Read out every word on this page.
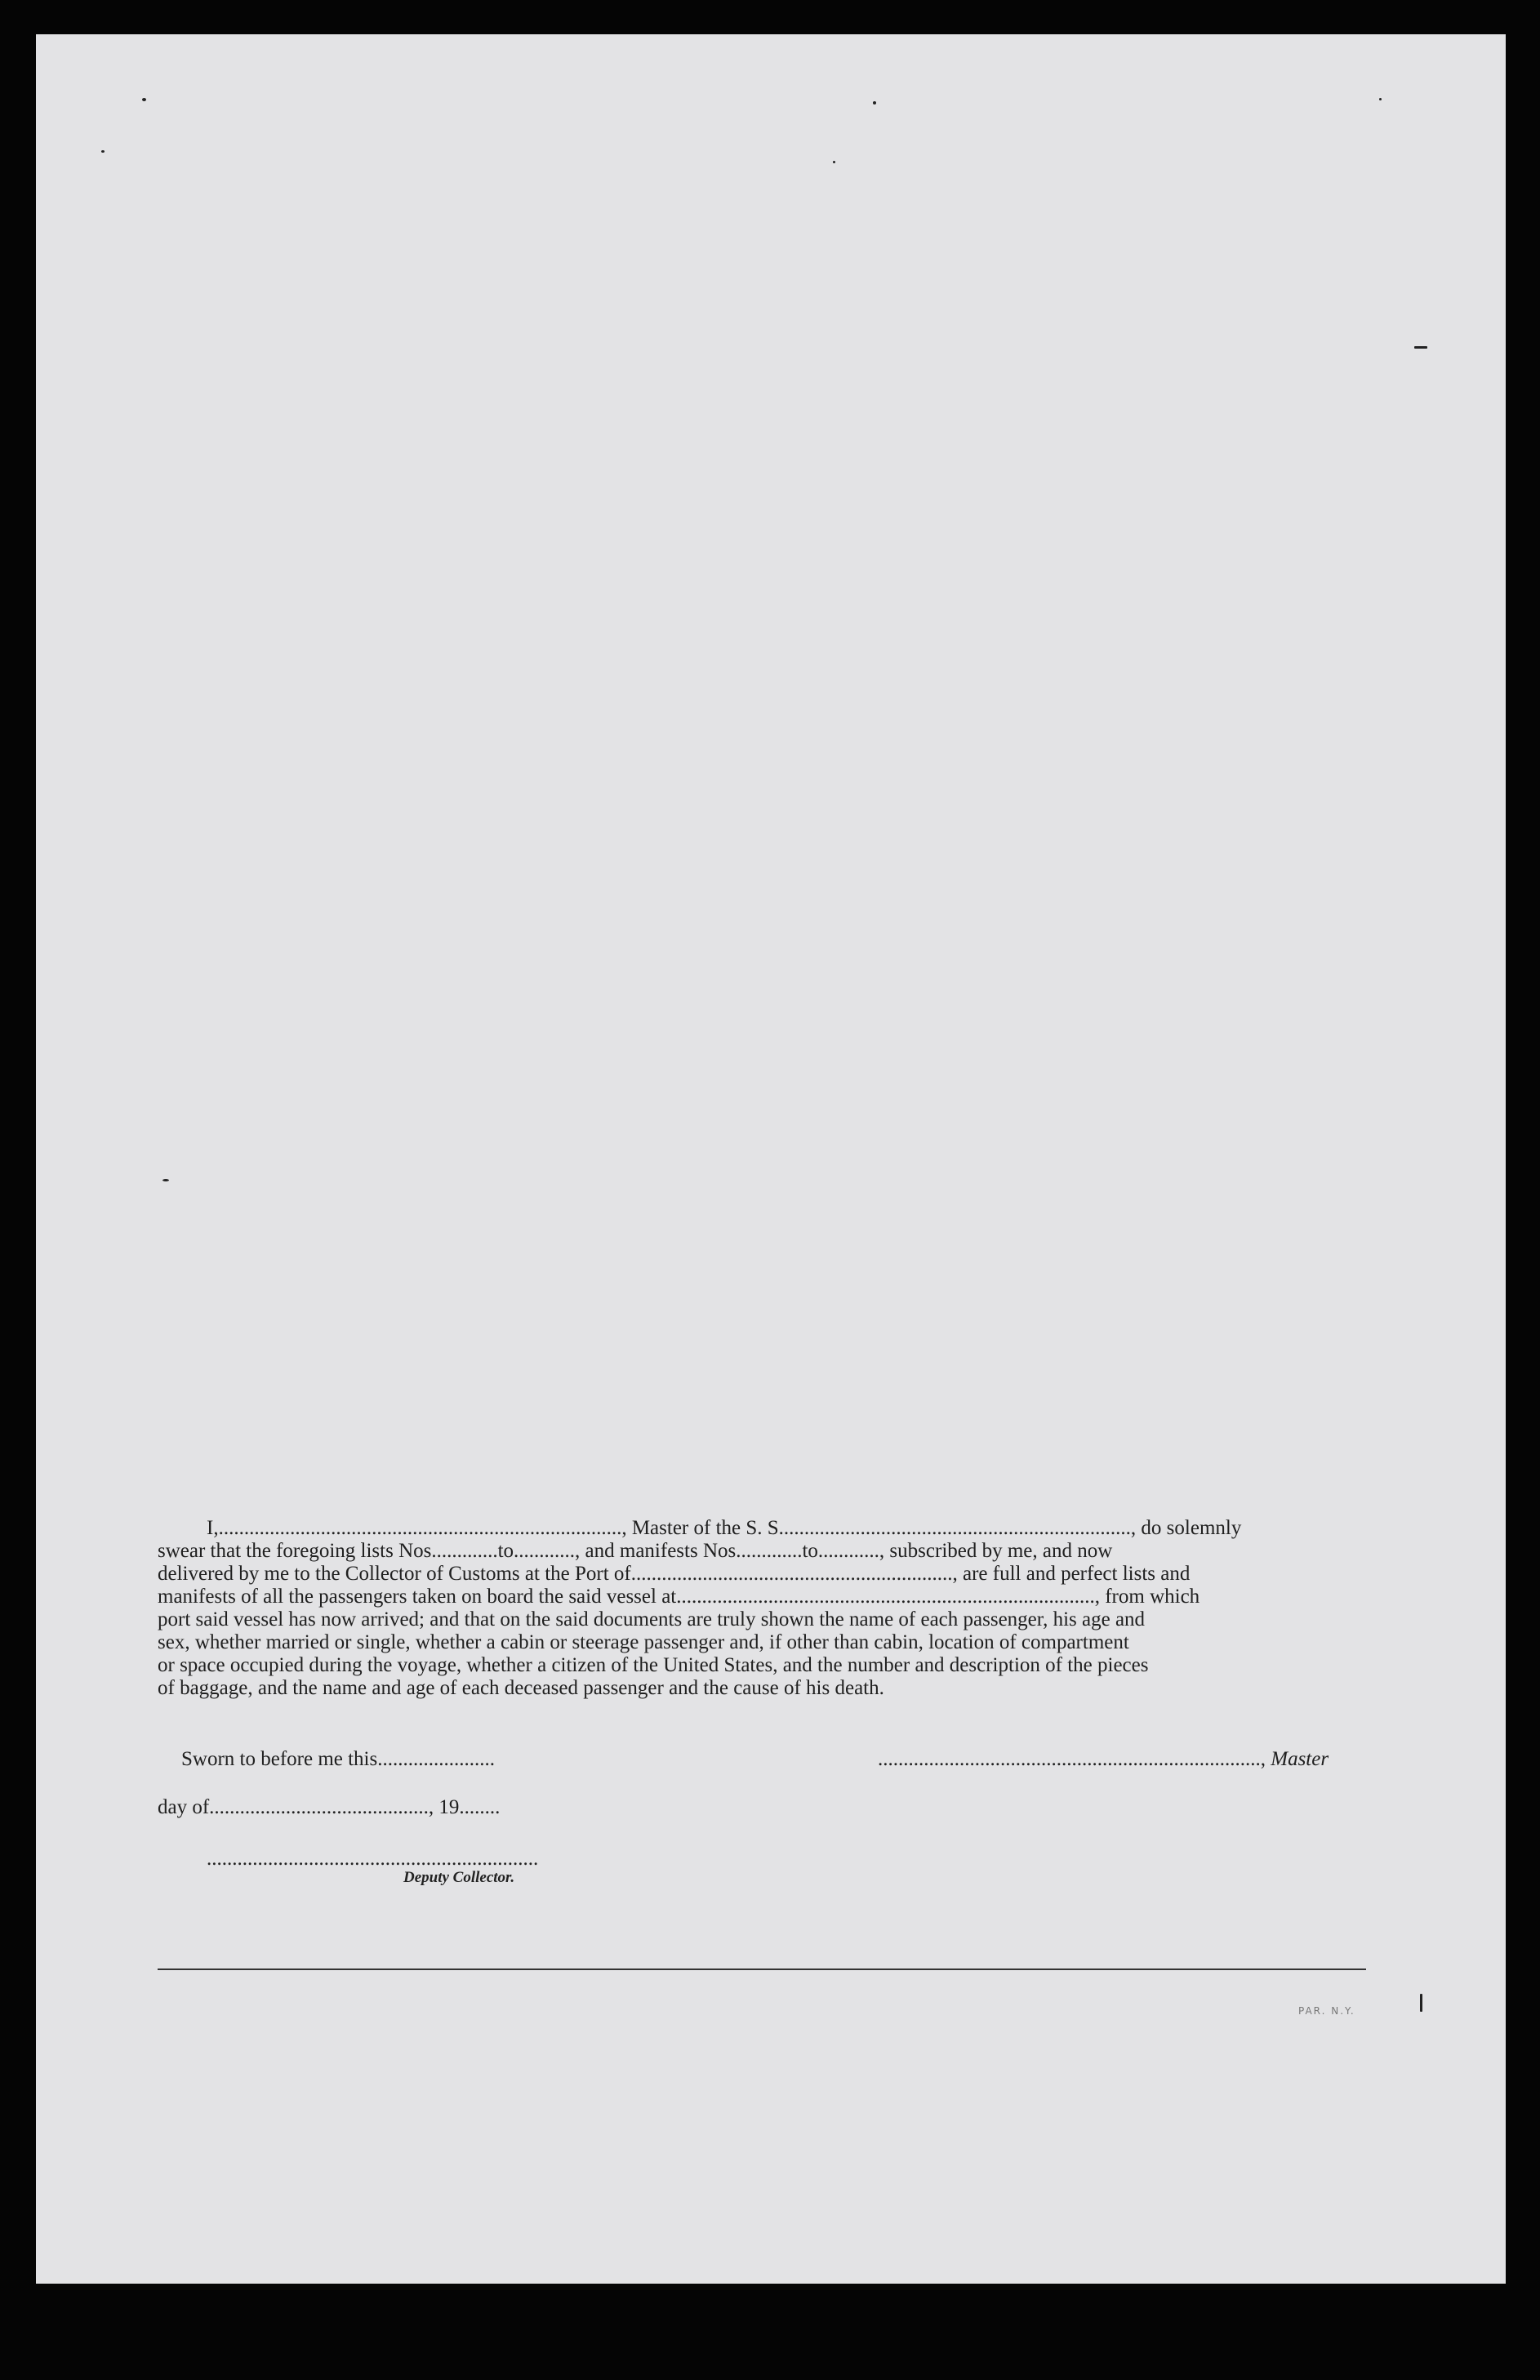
I,..............................................................................., Master of the S. S....................................................................., do solemnly
swear that the foregoing lists Nos.............to............, and manifests Nos.............to............, subscribed by me, and now
delivered by me to the Collector of Customs at the Port of..............................................................., are full and perfect lists and
manifests of all the passengers taken on board the said vessel at.................................................................................., from which
port said vessel has now arrived; and that on the said documents are truly shown the name of each passenger, his age and
sex, whether married or single, whether a cabin or steerage passenger and, if other than cabin, location of compartment
or space occupied during the voyage, whether a citizen of the United States, and the number and description of the pieces
of baggage, and the name and age of each deceased passenger and the cause of his death.
Sworn to before me this.......................	..........................................................................., Master
day of..........................................., 19........
.................................................................
Deputy Collector.
PAR. N.Y.
